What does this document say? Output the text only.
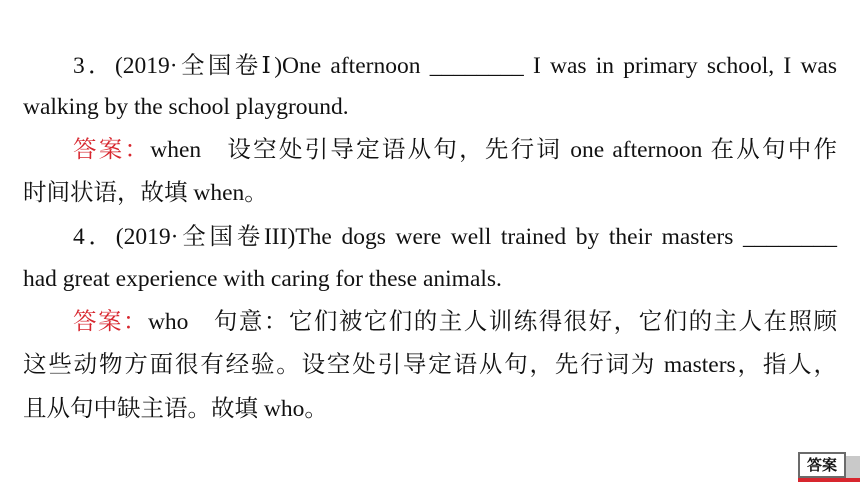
3．(2019·全国卷Ⅰ)One afternoon ________ I was in primary school, I was
walking by the school playground.
答案：when 设空处引导定语从句，先行词 one afternoon 在从句中作
时间状语，故填 when。
4．(2019·全国卷III)The dogs were well trained by their masters ________
had great experience with caring for these animals.
答案：who 句意：它们被它们的主人训练得很好，它们的主人在照顾
这些动物方面很有经验。设空处引导定语从句，先行词为 masters，指人，
且从句中缺主语。故填 who。
答案
